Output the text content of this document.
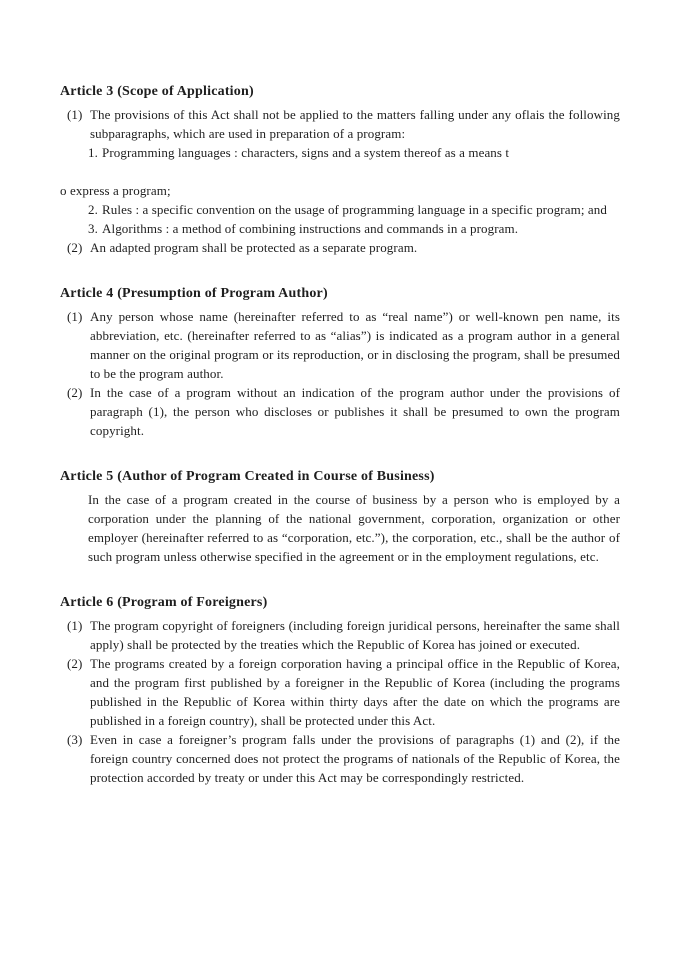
Article 3 (Scope of Application)
(1) The provisions of this Act shall not be applied to the matters falling under any oflais the following subparagraphs, which are used in preparation of a program:
1. Programming languages : characters, signs and a system thereof as a means t
o express a program;
2. Rules : a specific convention on the usage of programming language in a specific program; and
3. Algorithms : a method of combining instructions and commands in a program.
(2) An adapted program shall be protected as a separate program.
Article 4 (Presumption of Program Author)
(1) Any person whose name (hereinafter referred to as “real name”) or well-known pen name, its abbreviation, etc. (hereinafter referred to as “alias”) is indicated as a program author in a general manner on the original program or its reproduction, or in disclosing the program, shall be presumed to be the program author.
(2) In the case of a program without an indication of the program author under the provisions of paragraph (1), the person who discloses or publishes it shall be presumed to own the program copyright.
Article 5 (Author of Program Created in Course of Business)
In the case of a program created in the course of business by a person who is employed by a corporation under the planning of the national government, corporation, organization or other employer (hereinafter referred to as “corporation, etc.”), the corporation, etc., shall be the author of such program unless otherwise specified in the agreement or in the employment regulations, etc.
Article 6 (Program of Foreigners)
(1) The program copyright of foreigners (including foreign juridical persons, hereinafter the same shall apply) shall be protected by the treaties which the Republic of Korea has joined or executed.
(2) The programs created by a foreign corporation having a principal office in the Republic of Korea, and the program first published by a foreigner in the Republic of Korea (including the programs published in the Republic of Korea within thirty days after the date on which the programs are published in a foreign country), shall be protected under this Act.
(3) Even in case a foreigner’s program falls under the provisions of paragraphs (1) and (2), if the foreign country concerned does not protect the programs of nationals of the Republic of Korea, the protection accorded by treaty or under this Act may be correspondingly restricted.
